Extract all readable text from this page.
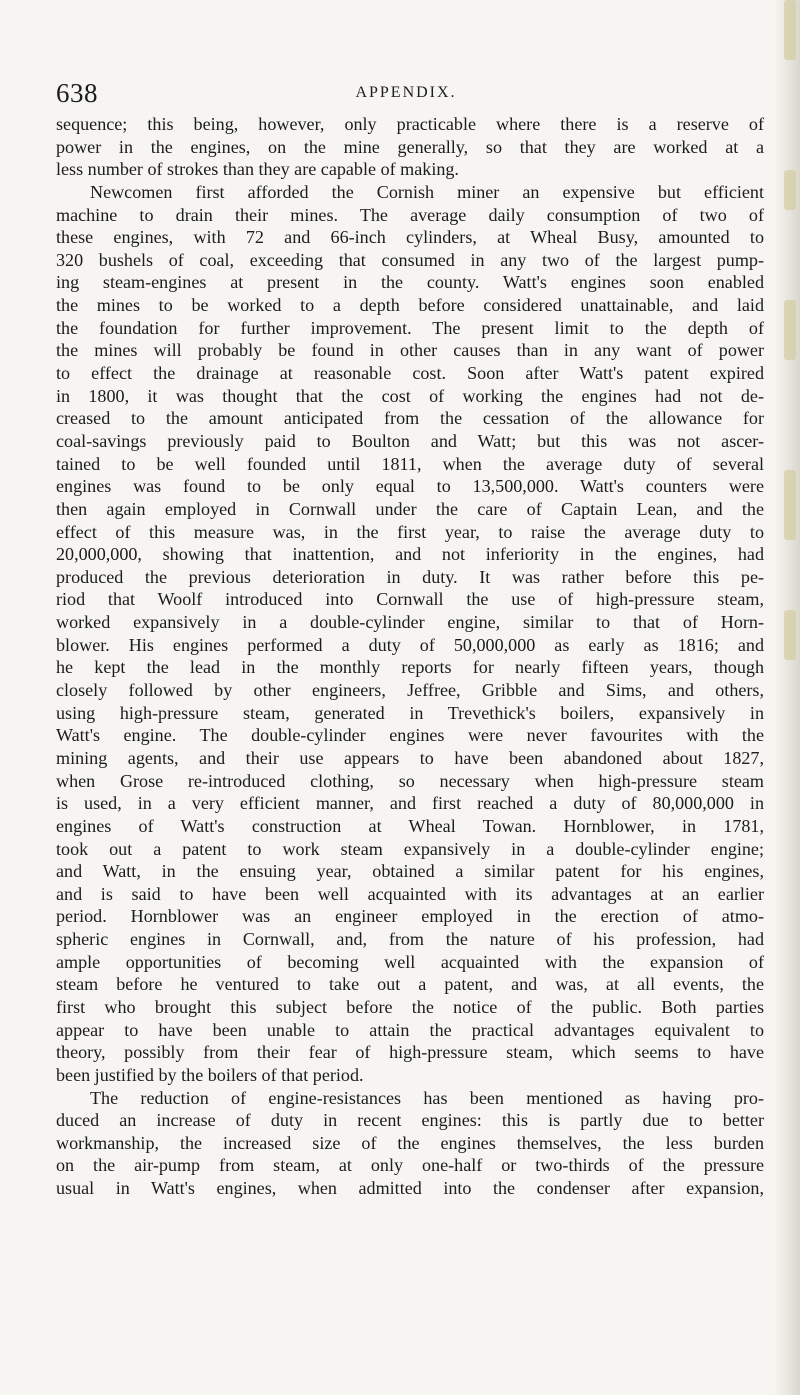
638	APPENDIX.
sequence; this being, however, only practicable where there is a reserve of
power in the engines, on the mine generally, so that they are worked at a
less number of strokes than they are capable of making.
Newcomen first afforded the Cornish miner an expensive but efficient
machine to drain their mines. The average daily consumption of two of
these engines, with 72 and 66-inch cylinders, at Wheal Busy, amounted to
320 bushels of coal, exceeding that consumed in any two of the largest pump-
ing steam-engines at present in the county. Watt's engines soon enabled
the mines to be worked to a depth before considered unattainable, and laid
the foundation for further improvement. The present limit to the depth of
the mines will probably be found in other causes than in any want of power
to effect the drainage at reasonable cost. Soon after Watt's patent expired
in 1800, it was thought that the cost of working the engines had not de-
creased to the amount anticipated from the cessation of the allowance for
coal-savings previously paid to Boulton and Watt; but this was not ascer-
tained to be well founded until 1811, when the average duty of several
engines was found to be only equal to 13,500,000. Watt's counters were
then again employed in Cornwall under the care of Captain Lean, and the
effect of this measure was, in the first year, to raise the average duty to
20,000,000, showing that inattention, and not inferiority in the engines, had
produced the previous deterioration in duty. It was rather before this pe-
riod that Woolf introduced into Cornwall the use of high-pressure steam,
worked expansively in a double-cylinder engine, similar to that of Horn-
blower. His engines performed a duty of 50,000,000 as early as 1816; and
he kept the lead in the monthly reports for nearly fifteen years, though
closely followed by other engineers, Jeffree, Gribble and Sims, and others,
using high-pressure steam, generated in Trevethick's boilers, expansively in
Watt's engine. The double-cylinder engines were never favourites with the
mining agents, and their use appears to have been abandoned about 1827,
when Grose re-introduced clothing, so necessary when high-pressure steam
is used, in a very efficient manner, and first reached a duty of 80,000,000 in
engines of Watt's construction at Wheal Towan. Hornblower, in 1781,
took out a patent to work steam expansively in a double-cylinder engine;
and Watt, in the ensuing year, obtained a similar patent for his engines,
and is said to have been well acquainted with its advantages at an earlier
period. Hornblower was an engineer employed in the erection of atmo-
spheric engines in Cornwall, and, from the nature of his profession, had
ample opportunities of becoming well acquainted with the expansion of
steam before he ventured to take out a patent, and was, at all events, the
first who brought this subject before the notice of the public. Both parties
appear to have been unable to attain the practical advantages equivalent to
theory, possibly from their fear of high-pressure steam, which seems to have
been justified by the boilers of that period.
The reduction of engine-resistances has been mentioned as having pro-
duced an increase of duty in recent engines: this is partly due to better
workmanship, the increased size of the engines themselves, the less burden
on the air-pump from steam, at only one-half or two-thirds of the pressure
usual in Watt's engines, when admitted into the condenser after expansion,
